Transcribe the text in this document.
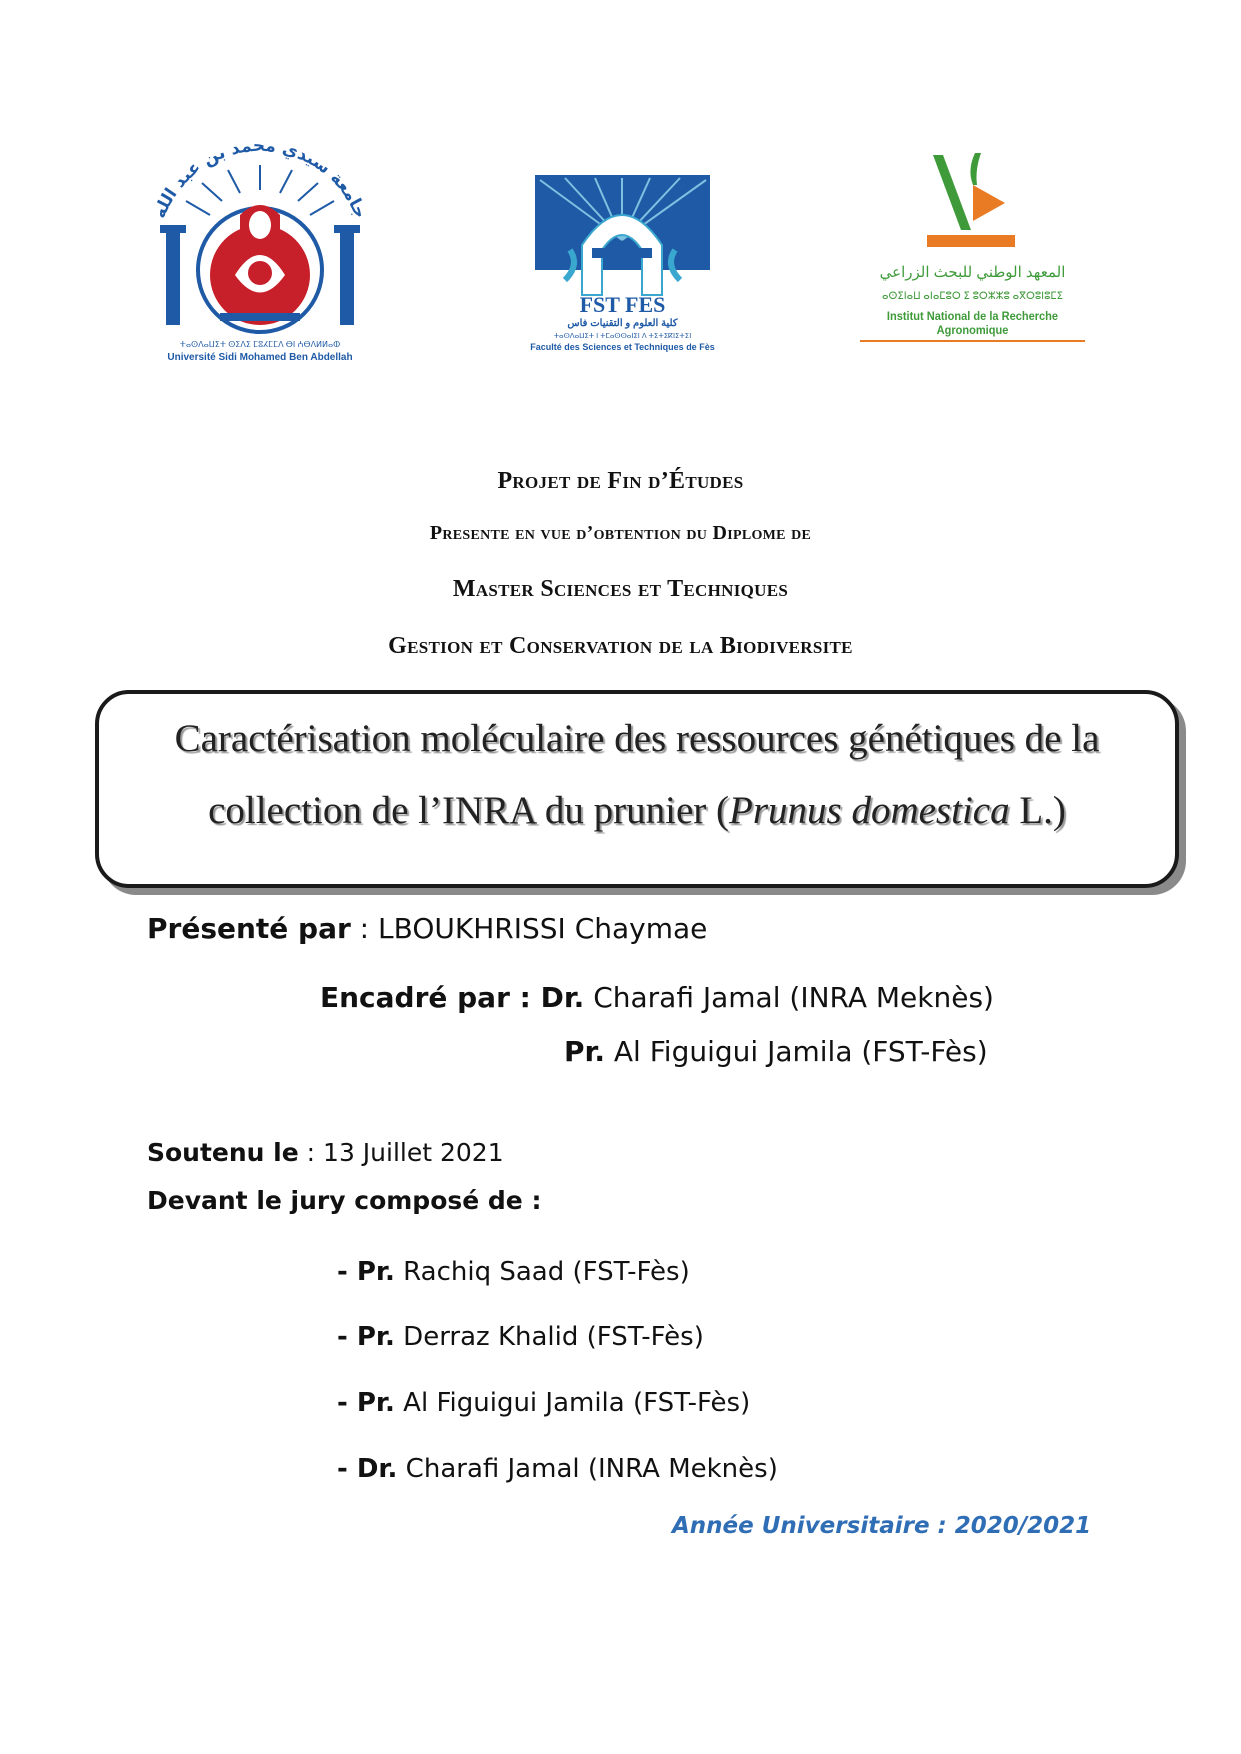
جامعة سيدي محمد بن عبد الله
ⵜⴰⵙⴷⴰⵡⵉⵜ ⵙⵉⴷⵉ ⵎⵓⵃⵎⵎⴷ ⴱⵏ ⵄⴱⴷⵍⵍⴰⵀ
Université Sidi Mohamed Ben Abdellah
FST FES
كلية العلوم و التقنيات فاس
ⵜⴰⵙⴷⴰⵡⵉⵜ ⵏ ⵜⵎⴰⵙⵙⴰⵏⵉⵏ ⴷ ⵜⵉⵜⵉⴽⵏⵉⵜⵉⵏ
Faculté des Sciences et Techniques de Fès
المعهد الوطني للبحث الزراعي
ⴰⵙⵉⵏⴰⵡ ⴰⵏⴰⵎⵓⵔ ⵉ ⵓⵔⵣⵣⵓ ⴰⴳⵔⵓⵏⵓⵎⵉ
Institut National de la Recherche Agronomique
Projet de Fin d’Études
Presente en vue d’obtention du Diplome de
Master Sciences et Techniques
Gestion et Conservation de la Biodiversite
Caractérisation moléculaire des ressources génétiques de la
collection de l’INRA du prunier (Prunus domestica L.)
Présenté par : LBOUKHRISSI Chaymae
Encadré par : Dr. Charafi Jamal (INRA Meknès)
Pr. Al Figuigui Jamila (FST-Fès)
Soutenu le : 13 Juillet 2021
Devant le jury composé de :
- Pr. Rachiq Saad (FST-Fès)
- Pr. Derraz Khalid (FST-Fès)
- Pr. Al Figuigui Jamila (FST-Fès)
- Dr. Charafi Jamal (INRA Meknès)
Année Universitaire : 2020/2021
